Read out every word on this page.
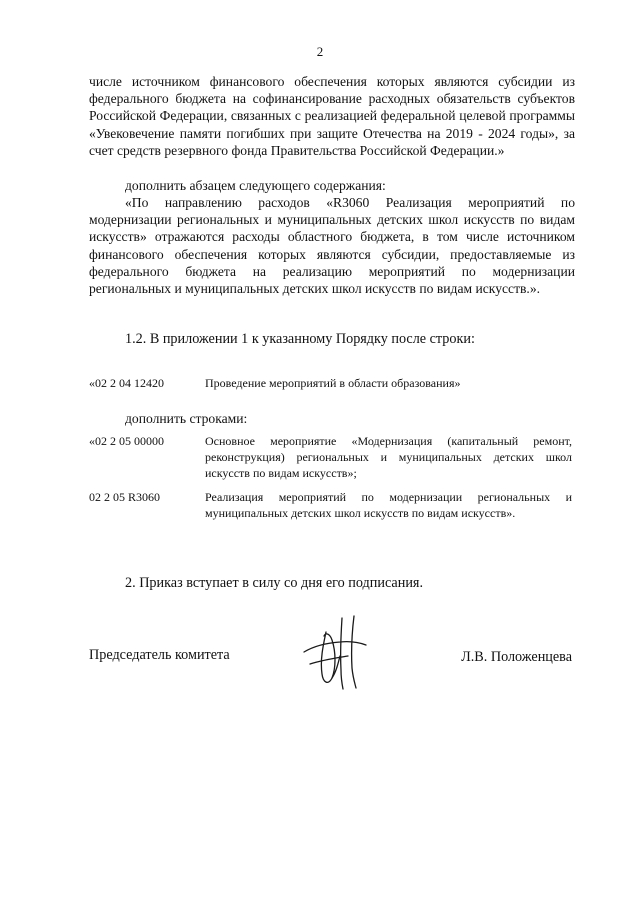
2

числе источником финансового обеспечения которых являются субсидии из федерального бюджета на софинансирование расходных обязательств субъектов Российской Федерации, связанных с реализацией федеральной целевой программы «Увековечение памяти погибших при защите Отечества на 2019 - 2024 годы», за счет средств резервного фонда Правительства Российской Федерации.»

дополнить абзацем следующего содержания:

«По направлению расходов «R3060 Реализация мероприятий по модернизации региональных и муниципальных детских школ искусств по видам искусств» отражаются расходы областного бюджета, в том числе источником финансового обеспечения которых являются субсидии, предоставляемые из федерального бюджета на реализацию мероприятий по модернизации региональных и муниципальных детских школ искусств по видам искусств.».

1.2. В приложении 1 к указанному Порядку после строки:

«02 2 04 12420	Проведение мероприятий в области образования»

дополнить строками:

«02 2 05 00000	Основное мероприятие «Модернизация (капитальный ремонт, реконструкция) региональных и муниципальных детских школ искусств по видам искусств»;

02 2 05 R3060	Реализация мероприятий по модернизации региональных и муниципальных детских школ искусств по видам искусств».

2. Приказ вступает в силу со дня его подписания.

Председатель комитета	Л.В. Положенцева
